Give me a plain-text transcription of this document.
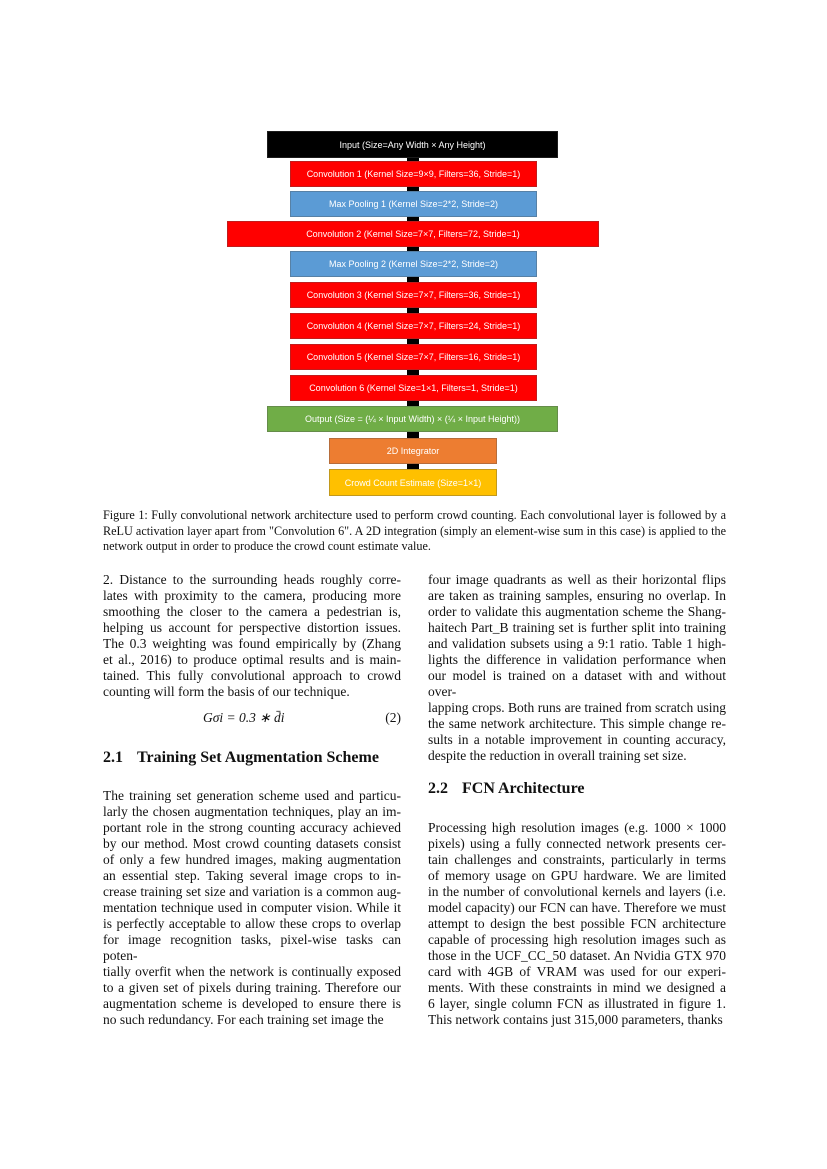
Input (Size=Any Width × Any Height)
Convolution 1 (Kernel Size=9×9, Filters=36, Stride=1)
Max Pooling 1 (Kernel Size=2*2, Stride=2)
Convolution 2 (Kernel Size=7×7, Filters=72, Stride=1)
Max Pooling 2 (Kernel Size=2*2, Stride=2)
Convolution 3 (Kernel Size=7×7, Filters=36, Stride=1)
Convolution 4 (Kernel Size=7×7, Filters=24, Stride=1)
Convolution 5 (Kernel Size=7×7, Filters=16, Stride=1)
Convolution 6 (Kernel Size=1×1, Filters=1, Stride=1)
Output (Size = (¼ × Input Width) × (¼ × Input Height))
2D Integrator
Crowd Count Estimate (Size=1×1)
Figure 1: Fully convolutional network architecture used to perform crowd counting. Each convolutional layer is followed by a ReLU activation layer apart from "Convolution 6". A 2D integration (simply an element-wise sum in this case) is applied to the network output in order to produce the crowd count estimate value.
2. Distance to the surrounding heads roughly corre-
lates with proximity to the camera, producing more
smoothing the closer to the camera a pedestrian is,
helping us account for perspective distortion issues.
The 0.3 weighting was found empirically by (Zhang
et al., 2016) to produce optimal results and is main-
tained. This fully convolutional approach to crowd
counting will form the basis of our technique.
Gσi = 0.3 ∗ d̄i	(2)
2.1 Training Set Augmentation Scheme
The training set generation scheme used and particu-
larly the chosen augmentation techniques, play an im-
portant role in the strong counting accuracy achieved
by our method. Most crowd counting datasets consist
of only a few hundred images, making augmentation
an essential step. Taking several image crops to in-
crease training set size and variation is a common aug-
mentation technique used in computer vision. While it
is perfectly acceptable to allow these crops to overlap
for image recognition tasks, pixel-wise tasks can poten-
tially overfit when the network is continually exposed
to a given set of pixels during training. Therefore our
augmentation scheme is developed to ensure there is
no such redundancy. For each training set image the
four image quadrants as well as their horizontal flips
are taken as training samples, ensuring no overlap. In
order to validate this augmentation scheme the Shang-
haitech Part_B training set is further split into training
and validation subsets using a 9:1 ratio. Table 1 high-
lights the difference in validation performance when
our model is trained on a dataset with and without over-
lapping crops. Both runs are trained from scratch using
the same network architecture. This simple change re-
sults in a notable improvement in counting accuracy,
despite the reduction in overall training set size.
2.2 FCN Architecture
Processing high resolution images (e.g. 1000 × 1000
pixels) using a fully connected network presents cer-
tain challenges and constraints, particularly in terms
of memory usage on GPU hardware. We are limited
in the number of convolutional kernels and layers (i.e.
model capacity) our FCN can have. Therefore we must
attempt to design the best possible FCN architecture
capable of processing high resolution images such as
those in the UCF_CC_50 dataset. An Nvidia GTX 970
card with 4GB of VRAM was used for our experi-
ments. With these constraints in mind we designed a
6 layer, single column FCN as illustrated in figure 1.
This network contains just 315,000 parameters, thanks
